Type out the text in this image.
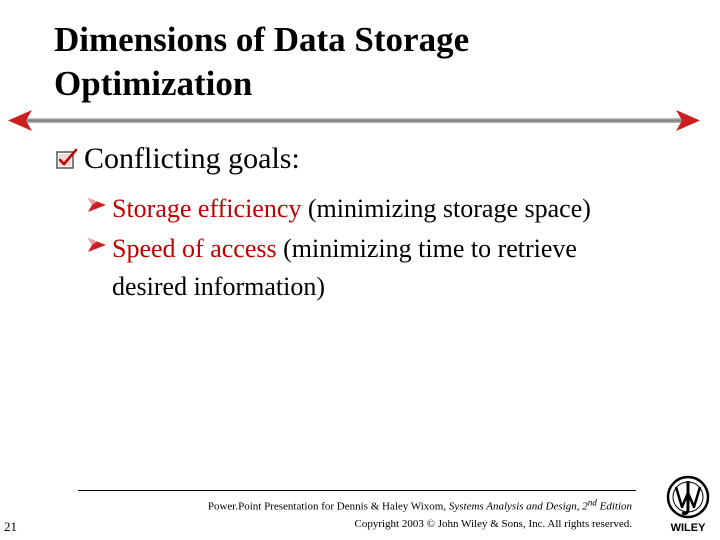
Dimensions of Data Storage
Optimization
Conflicting goals:
Storage efficiency (minimizing storage space)
Speed of access (minimizing time to retrieve desired information)
21
Power.Point Presentation for Dennis & Haley Wixom, Systems Analysis and Design, 2nd Edition
Copyright 2003 © John Wiley & Sons, Inc. All rights reserved.	WILEY
